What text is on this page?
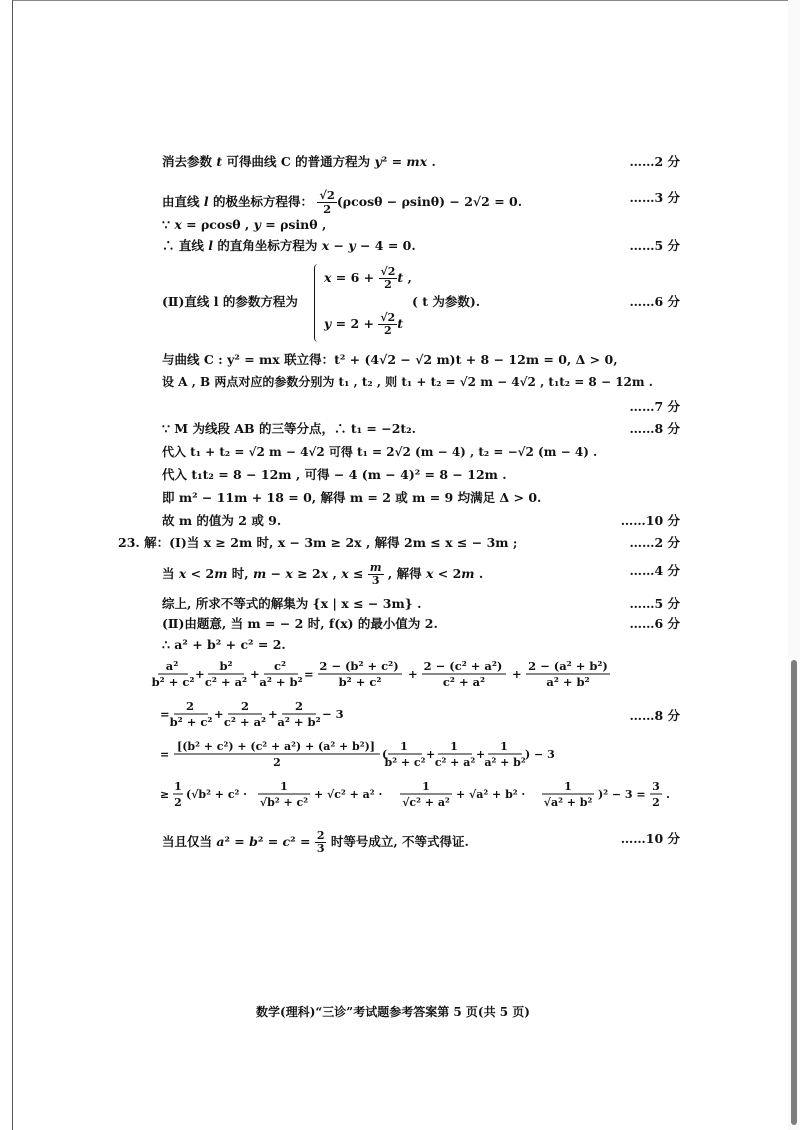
消去参数 t 可得曲线 C 的普通方程为 y² = mx .	……2 分
由直线 l 的极坐标方程得： $\frac{√2}{2} (\rho\cos\theta - \rho\sin\theta) - 2√2 = 0$.	……3 分
∵ x = ρcosθ , y = ρsinθ ,
∴ 直线 l 的直角坐标方程为 x − y − 4 = 0.	……5 分
(Ⅱ)直线 l 的参数方程为
$x = 6 + \frac{√2}{2}$ t ,
$y = 2 + \frac{√2}{2}$ t
( t 为参数).	……6 分
与曲线 C : y² = mx 联立得：t² + (4√2 − √2 m)t + 8 − 12m = 0, Δ > 0,
设 A , B 两点对应的参数分别为 t₁ , t₂ , 则 t₁ + t₂ = √2 m − 4√2 , t₁t₂ = 8 − 12m .
……7 分
∵ M 为线段 AB 的三等分点，∴ t₁ = −2t₂.	……8 分
代入 t₁ + t₂ = √2 m − 4√2 可得 t₁ = 2√2 (m − 4) , t₂ = −√2 (m − 4) .
代入 t₁t₂ = 8 − 12m , 可得 − 4 (m − 4)² = 8 − 12m .
即 m² − 11m + 18 = 0, 解得 m = 2 或 m = 9 均满足 Δ > 0.
故 m 的值为 2 或 9.	……10 分
23. 解：(Ⅰ)当 x ≥ 2m 时, x − 3m ≥ 2x , 解得 2m ≤ x ≤ − 3m ;	……2 分
当 x < 2m 时, m − x ≥ 2x , $x \le \frac{m}{3}$ , 解得 x < 2m .	……4 分
综上, 所求不等式的解集为 {x | x ≤ − 3m} .	……5 分
(Ⅱ)由题意, 当 m = − 2 时, f(x) 的最小值为 2.	……6 分
∴ a² + b² + c² = 2.
a²
b² + c²
+
b²
c² + a²
+
c²
a² + b²
=
2 − (b² + c²)
b² + c²
+
2 − (c² + a²)
c² + a²
+
2 − (a² + b²)
a² + b²
=
2
b² + c²
+
2
c² + a²
+
2
a² + b²
− 3
=
[(b² + c²) + (c² + a²) + (a² + b²)]
2
(
1
b² + c²
+
1
c² + a²
+
1
a² + b²
) − 3
≥
1
2
(√b² + c² ·
1
√b² + c²
+ √c² + a² ·
1
√c² + a²
+ √a² + b² ·
1
√a² + b²
)² − 3 =
3
2
.
……8 分
当且仅当 $a^2 = b^2 = c^2 = \frac{2}{3}$ 时等号成立, 不等式得证.	……10 分
数学(理科)“三诊”考试题参考答案第 5 页(共 5 页)
